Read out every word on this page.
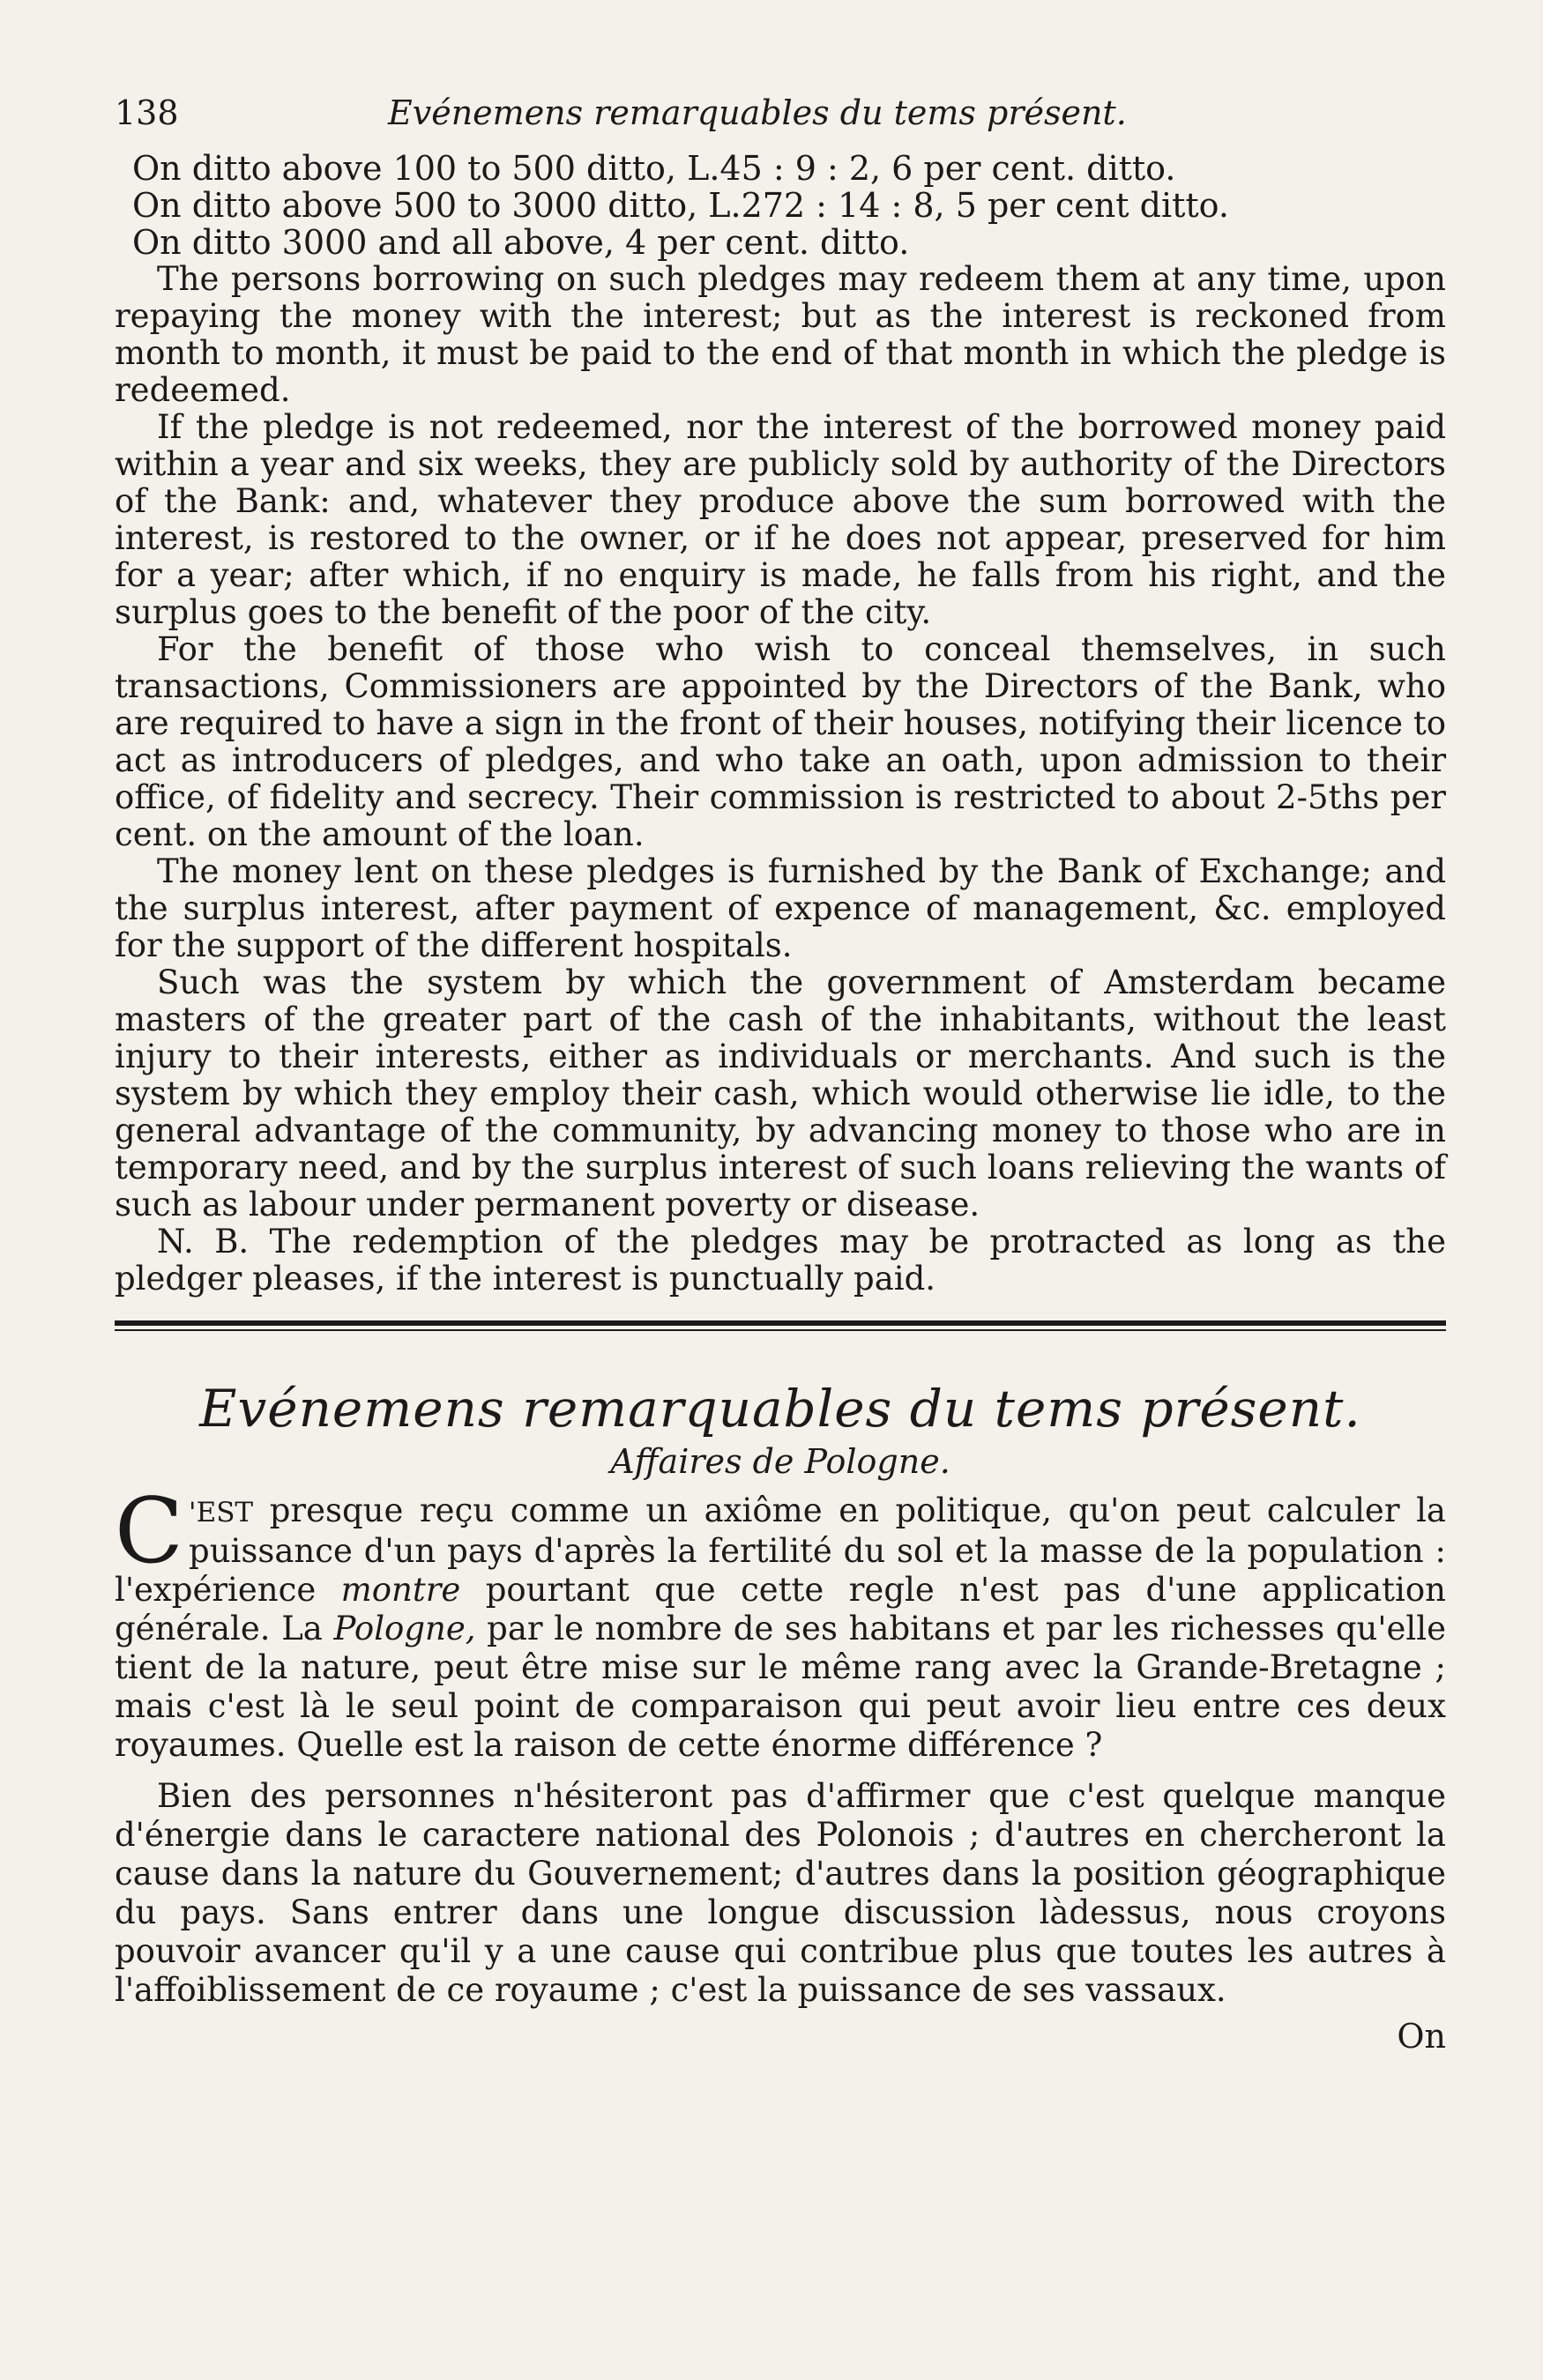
138	Evénemens remarquables du tems présent.
On ditto above 100 to 500 ditto, L.45 : 9 : 2, 6 per cent. ditto.
On ditto above 500 to 3000 ditto, L.272 : 14 : 8, 5 per cent ditto.
On ditto 3000 and all above, 4 per cent. ditto.

The persons borrowing on such pledges may redeem them at any time, upon repaying the money with the interest; but as the interest is reckoned from month to month, it must be paid to the end of that month in which the pledge is redeemed.

If the pledge is not redeemed, nor the interest of the borrowed money paid within a year and six weeks, they are publicly sold by authority of the Directors of the Bank: and, whatever they produce above the sum borrowed with the interest, is restored to the owner, or if he does not appear, preserved for him for a year; after which, if no enquiry is made, he falls from his right, and the surplus goes to the benefit of the poor of the city.

For the benefit of those who wish to conceal themselves, in such transactions, Commissioners are appointed by the Directors of the Bank, who are required to have a sign in the front of their houses, notifying their licence to act as introducers of pledges, and who take an oath, upon admission to their office, of fidelity and secrecy. Their commission is restricted to about 2-5ths per cent. on the amount of the loan.

The money lent on these pledges is furnished by the Bank of Exchange; and the surplus interest, after payment of expence of management, &c. employed for the support of the different hospitals.

Such was the system by which the government of Amsterdam became masters of the greater part of the cash of the inhabitants, without the least injury to their interests, either as individuals or merchants. And such is the system by which they employ their cash, which would otherwise lie idle, to the general advantage of the community, by advancing money to those who are in temporary need, and by the surplus interest of such loans relieving the wants of such as labour under permanent poverty or disease.

N. B. The redemption of the pledges may be protracted as long as the pledger pleases, if the interest is punctually paid.

Evénemens remarquables du tems présent.
Affaires de Pologne.

C 'EST presque reçu comme un axiôme en politique, qu'on peut calculer la puissance d'un pays d'après la fertilité du sol et la masse de la population : l'expérience montre pourtant que cette regle n'est pas d'une application générale. La Pologne, par le nombre de ses habitans et par les richesses qu'elle tient de la nature, peut être mise sur le même rang avec la Grande-Bretagne ; mais c'est là le seul point de comparaison qui peut avoir lieu entre ces deux royaumes. Quelle est la raison de cette énorme différence ?

Bien des personnes n'hésiteront pas d'affirmer que c'est quelque manque d'énergie dans le caractere national des Polonois ; d'autres en chercheront la cause dans la nature du Gouvernement; d'autres dans la position géographique du pays. Sans entrer dans une longue discussion làdessus, nous croyons pouvoir avancer qu'il y a une cause qui contribue plus que toutes les autres à l'affoiblissement de ce royaume ; c'est la puissance de ses vassaux.

On
